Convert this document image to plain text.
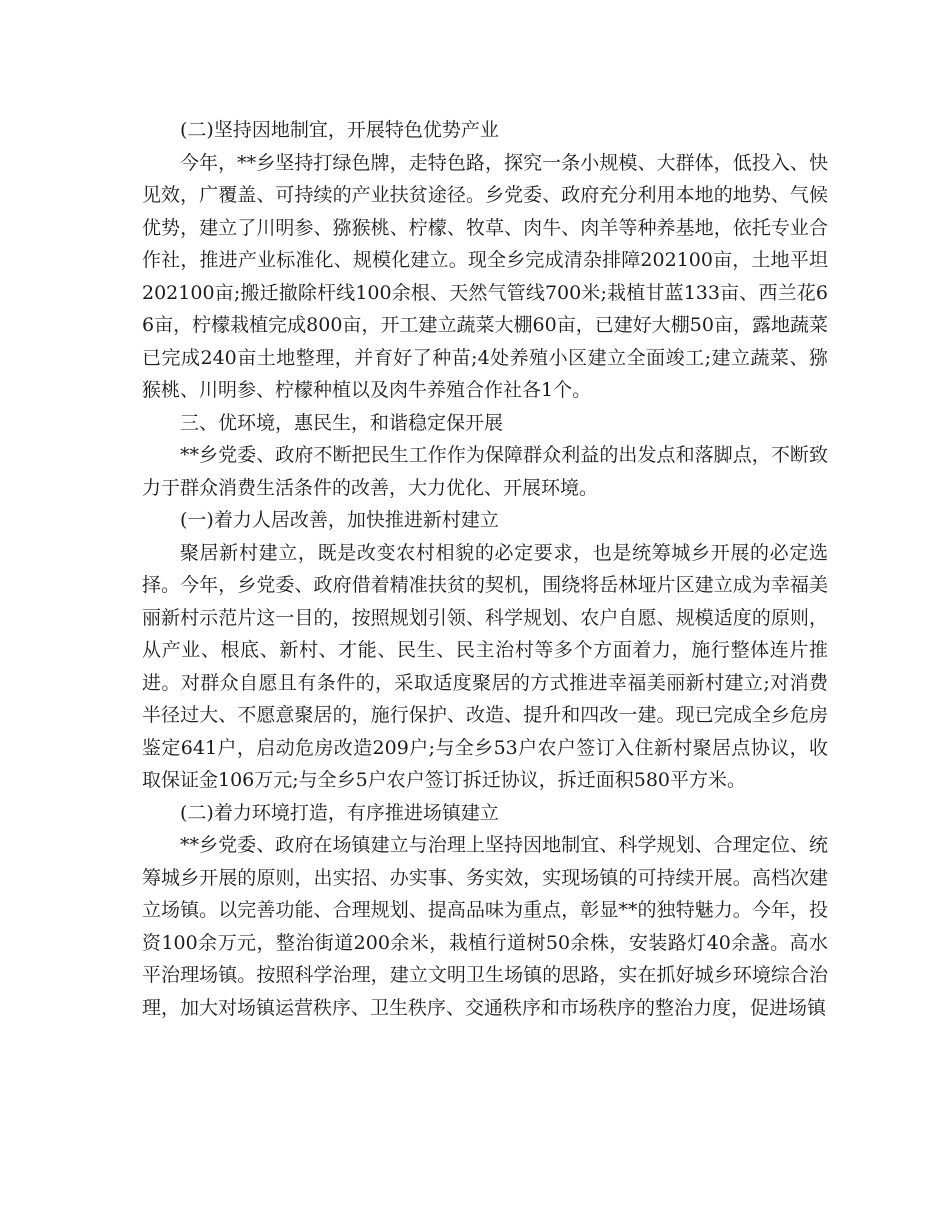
(二)坚持因地制宜，开展特色优势产业

今年，**乡坚持打绿色牌，走特色路，探究一条小规模、大群体，低投入、快见效，广覆盖、可持续的产业扶贫途径。乡党委、政府充分利用本地的地势、气候优势，建立了川明参、猕猴桃、柠檬、牧草、肉牛、肉羊等种养基地，依托专业合作社，推进产业标准化、规模化建立。现全乡完成清杂排障202100亩，土地平坦202100亩;搬迁撤除杆线100余根、天然气管线700米;栽植甘蓝133亩、西兰花66亩，柠檬栽植完成800亩，开工建立蔬菜大棚60亩，已建好大棚50亩，露地蔬菜已完成240亩土地整理，并育好了种苗;4处养殖小区建立全面竣工;建立蔬菜、猕猴桃、川明参、柠檬种植以及肉牛养殖合作社各1个。

三、优环境，惠民生，和谐稳定保开展

**乡党委、政府不断把民生工作作为保障群众利益的出发点和落脚点，不断致力于群众消费生活条件的改善，大力优化、开展环境。

(一)着力人居改善，加快推进新村建立

聚居新村建立，既是改变农村相貌的必定要求，也是统筹城乡开展的必定选择。今年，乡党委、政府借着精准扶贫的契机，围绕将岳林垭片区建立成为幸福美丽新村示范片这一目的，按照规划引领、科学规划、农户自愿、规模适度的原则，从产业、根底、新村、才能、民生、民主治村等多个方面着力，施行整体连片推进。对群众自愿且有条件的，采取适度聚居的方式推进幸福美丽新村建立;对消费半径过大、不愿意聚居的，施行保护、改造、提升和四改一建。现已完成全乡危房鉴定641户，启动危房改造209户;与全乡53户农户签订入住新村聚居点协议，收取保证金106万元;与全乡5户农户签订拆迁协议，拆迁面积580平方米。

(二)着力环境打造，有序推进场镇建立

**乡党委、政府在场镇建立与治理上坚持因地制宜、科学规划、合理定位、统筹城乡开展的原则，出实招、办实事、务实效，实现场镇的可持续开展。高档次建立场镇。以完善功能、合理规划、提高品味为重点，彰显**的独特魅力。今年，投资100余万元，整治街道200余米，栽植行道树50余株，安装路灯40余盏。高水平治理场镇。按照科学治理，建立文明卫生场镇的思路，实在抓好城乡环境综合治理，加大对场镇运营秩序、卫生秩序、交通秩序和市场秩序的整治力度，促进场镇
